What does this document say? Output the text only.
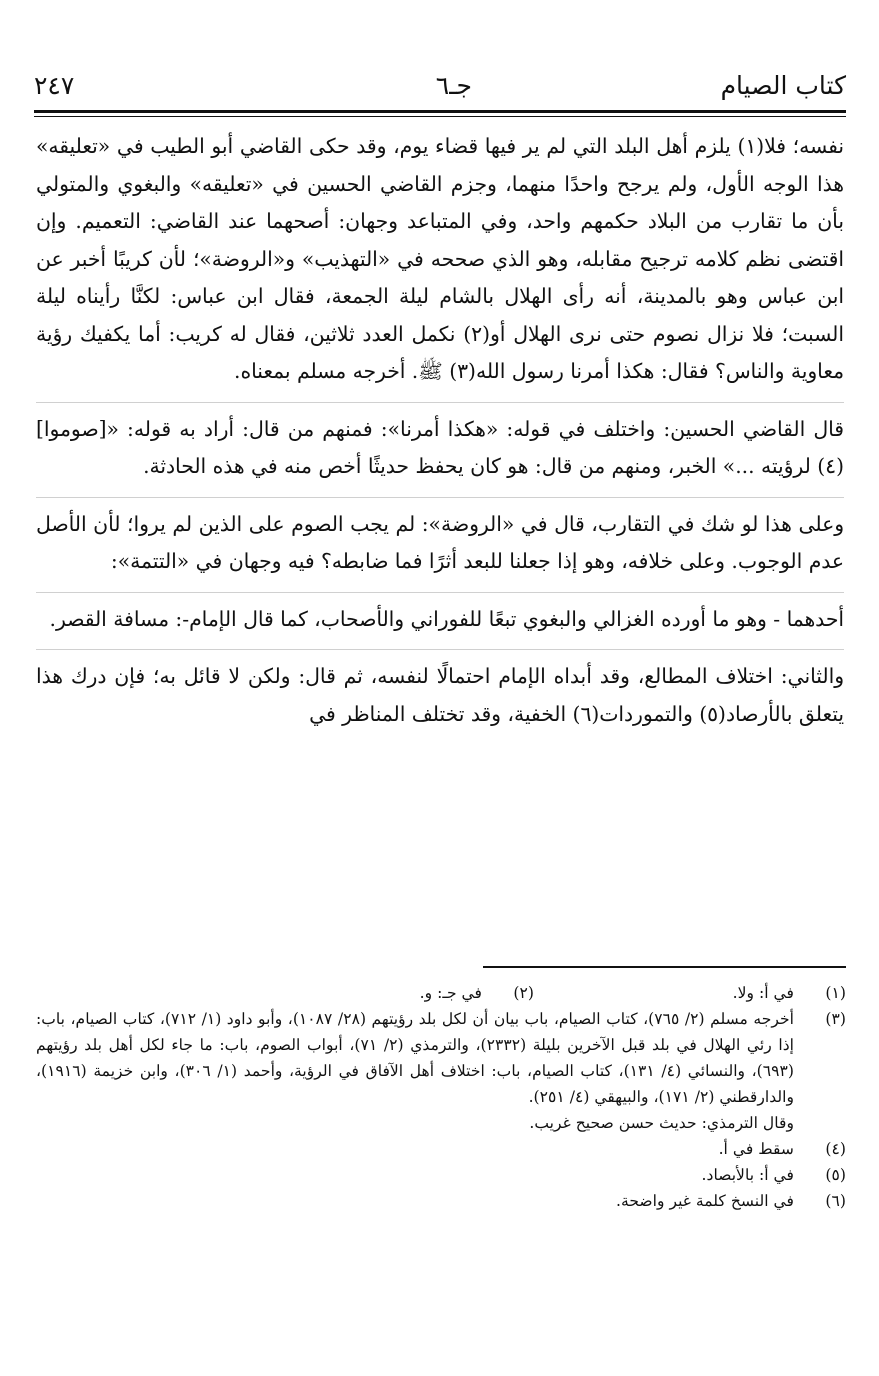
كتاب الصيام
جـ٦
٢٤٧

نفسه؛ فلا(١) يلزم أهل البلد التي لم ير فيها قضاء يوم، وقد حكى القاضي أبو الطيب في «تعليقه» هذا الوجه الأول، ولم يرجح واحدًا منهما، وجزم القاضي الحسين في «تعليقه» والبغوي والمتولي بأن ما تقارب من البلاد حكمهم واحد، وفي المتباعد وجهان: أصحهما عند القاضي: التعميم. وإن اقتضى نظم كلامه ترجيح مقابله، وهو الذي صححه في «التهذيب» و«الروضة»؛ لأن كريبًا أخبر عن ابن عباس وهو بالمدينة، أنه رأى الهلال بالشام ليلة الجمعة، فقال ابن عباس: لكنَّا رأيناه ليلة السبت؛ فلا نزال نصوم حتى نرى الهلال أو(٢) نكمل العدد ثلاثين، فقال له كريب: أما يكفيك رؤية معاوية والناس؟ فقال: هكذا أمرنا رسول الله(٣) ﷺ. أخرجه مسلم بمعناه.

قال القاضي الحسين: واختلف في قوله: «هكذا أمرنا»: فمنهم من قال: أراد به قوله: «[صوموا](٤) لرؤيته ...» الخبر، ومنهم من قال: هو كان يحفظ حديثًا أخص منه في هذه الحادثة.

وعلى هذا لو شك في التقارب، قال في «الروضة»: لم يجب الصوم على الذين لم يروا؛ لأن الأصل عدم الوجوب. وعلى خلافه، وهو إذا جعلنا للبعد أثرًا فما ضابطه؟ فيه وجهان في «التتمة»:

أحدهما - وهو ما أورده الغزالي والبغوي تبعًا للفوراني والأصحاب، كما قال الإمام-: مسافة القصر.

والثاني: اختلاف المطالع، وقد أبداه الإمام احتمالًا لنفسه، ثم قال: ولكن لا قائل به؛ فإن درك هذا يتعلق بالأرصاد(٥) والتموردات(٦) الخفية، وقد تختلف المناظر في

(١)
في أ: ولا.
(٢)
في جـ: و.
(٣)
أخرجه مسلم (٢/ ٧٦٥)، كتاب الصيام، باب بيان أن لكل بلد رؤيتهم (٢٨/ ١٠٨٧)، وأبو داود (١/ ٧١٢)، كتاب الصيام، باب: إذا رئي الهلال في بلد قبل الآخرين بليلة (٢٣٣٢)، والترمذي (٢/ ٧١)، أبواب الصوم، باب: ما جاء لكل أهل بلد رؤيتهم (٦٩٣)، والنسائي (٤/ ١٣١)، كتاب الصيام، باب: اختلاف أهل الآفاق في الرؤية، وأحمد (١/ ٣٠٦)، وابن خزيمة (١٩١٦)، والدارقطني (٢/ ١٧١)، والبيهقي (٤/ ٢٥١).
وقال الترمذي: حديث حسن صحيح غريب.
(٤)
سقط في أ.
(٥)
في أ: بالأبصاد.
(٦)
في النسخ كلمة غير واضحة.
